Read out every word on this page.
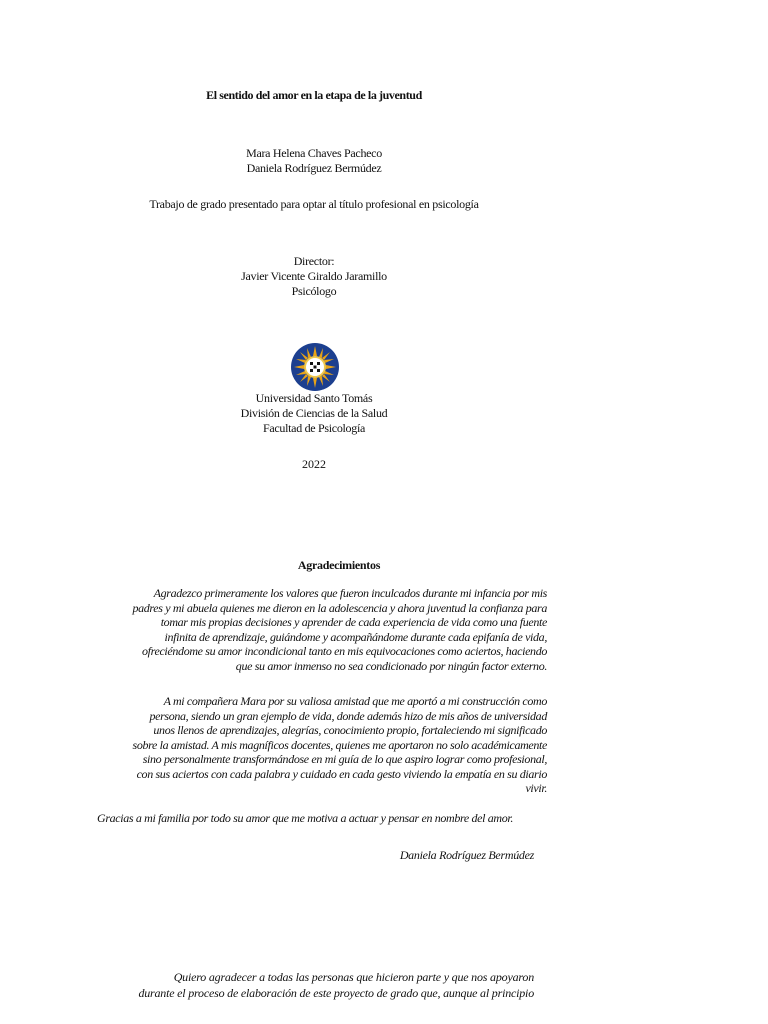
El sentido del amor en la etapa de la juventud
Mara Helena Chaves Pacheco
Daniela Rodríguez Bermúdez
Trabajo de grado presentado para optar al título profesional en psicología
Director:
Javier Vicente Giraldo Jaramillo
Psicólogo
Universidad Santo Tomás
División de Ciencias de la Salud
Facultad de Psicología
2022
Agradecimientos
Agradezco primeramente los valores que fueron inculcados durante mi infancia por mis
padres y mi abuela quienes me dieron en la adolescencia y ahora juventud la confianza para
tomar mis propias decisiones y aprender de cada experiencia de vida como una fuente
infinita de aprendizaje, guiándome y acompañándome durante cada epifanía de vida,
ofreciéndome su amor incondicional tanto en mis equivocaciones como aciertos, haciendo
que su amor inmenso no sea condicionado por ningún factor externo.
A mi compañera Mara por su valiosa amistad que me aportó a mi construcción como
persona, siendo un gran ejemplo de vida, donde además hizo de mis años de universidad
unos llenos de aprendizajes, alegrías, conocimiento propio, fortaleciendo mi significado
sobre la amistad. A mis magníficos docentes, quienes me aportaron no solo académicamente
sino personalmente transformándose en mi guía de lo que aspiro lograr como profesional,
con sus aciertos con cada palabra y cuidado en cada gesto viviendo la empatía en su diario
vivir.
Gracias a mi familia por todo su amor que me motiva a actuar y pensar en nombre del amor.
Daniela Rodríguez Bermúdez
Quiero agradecer a todas las personas que hicieron parte y que nos apoyaron
durante el proceso de elaboración de este proyecto de grado que, aunque al principio
